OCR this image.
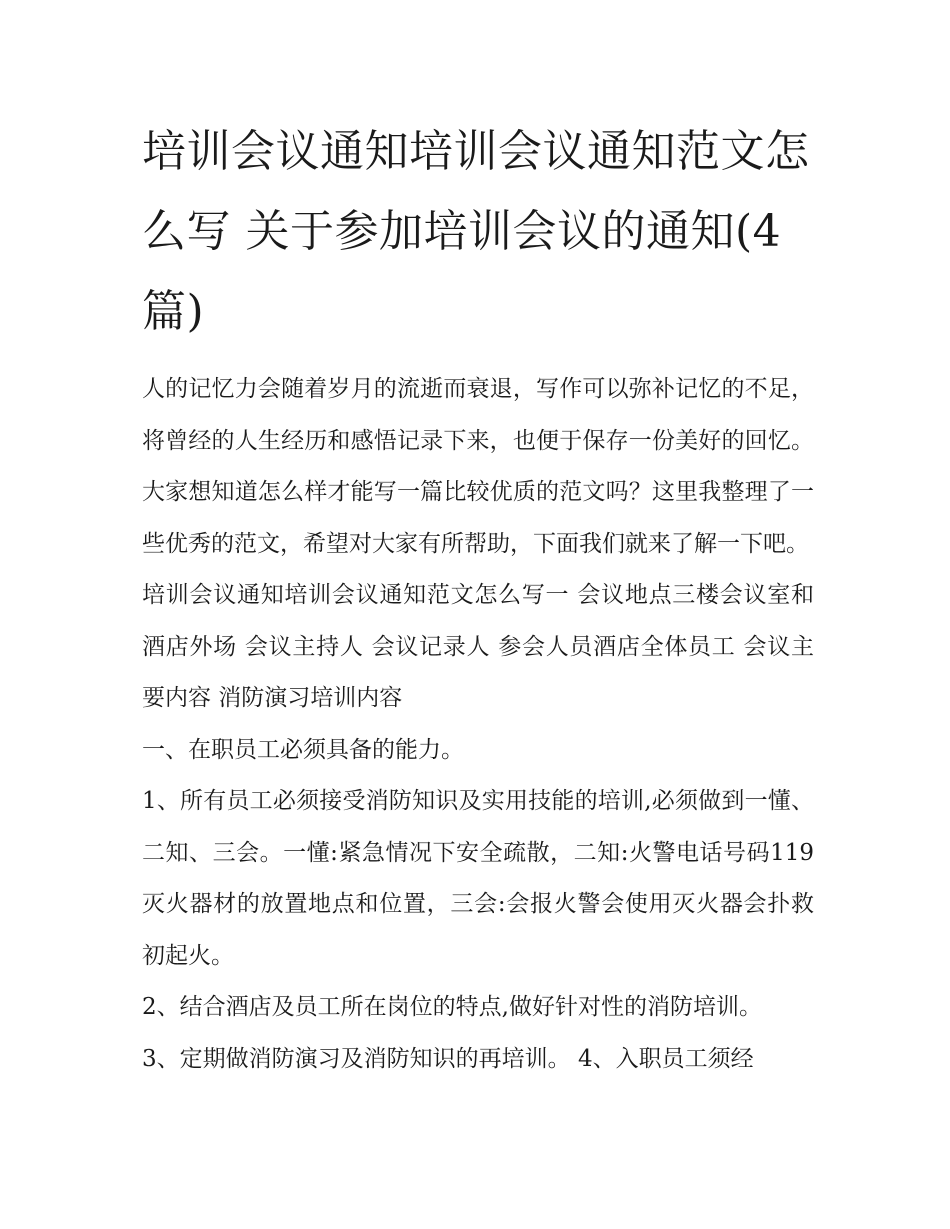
培训会议通知培训会议通知范文怎么写 关于参加培训会议的通知(4篇)

人的记忆力会随着岁月的流逝而衰退，写作可以弥补记忆的不足，将曾经的人生经历和感悟记录下来，也便于保存一份美好的回忆。大家想知道怎么样才能写一篇比较优质的范文吗？这里我整理了一些优秀的范文，希望对大家有所帮助，下面我们就来了解一下吧。

培训会议通知培训会议通知范文怎么写一 会议地点三楼会议室和酒店外场 会议主持人 会议记录人 参会人员酒店全体员工 会议主要内容 消防演习培训内容

一、在职员工必须具备的能力。

1、所有员工必须接受消防知识及实用技能的培训,必须做到一懂、二知、三会。一懂:紧急情况下安全疏散，二知:火警电话号码119灭火器材的放置地点和位置，三会:会报火警会使用灭火器会扑救初起火。

2、结合酒店及员工所在岗位的特点,做好针对性的消防培训。

3、定期做消防演习及消防知识的再培训。 4、入职员工须经
